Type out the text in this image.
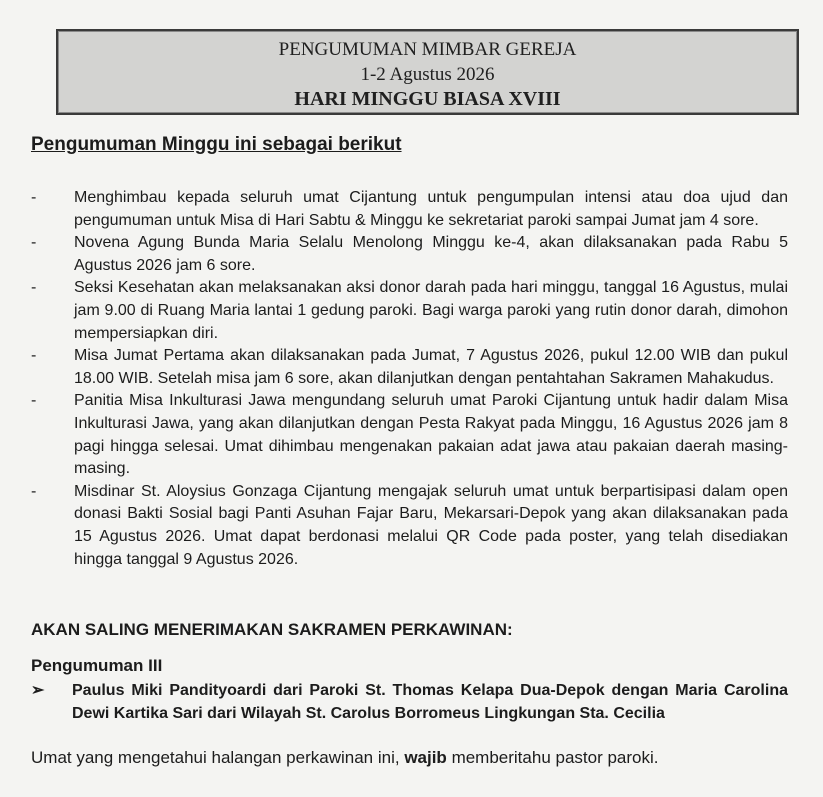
PENGUMUMAN MIMBAR GEREJA
1-2 Agustus 2026
HARI MINGGU BIASA XVIII
Pengumuman Minggu ini sebagai berikut
-	Menghimbau kepada seluruh umat Cijantung untuk pengumpulan intensi atau doa ujud dan pengumuman untuk Misa di Hari Sabtu & Minggu ke sekretariat paroki sampai Jumat jam 4 sore.
-	Novena Agung Bunda Maria Selalu Menolong Minggu ke-4, akan dilaksanakan pada Rabu 5 Agustus 2026 jam 6 sore.
-	Seksi Kesehatan akan melaksanakan aksi donor darah pada hari minggu, tanggal 16 Agustus, mulai jam 9.00 di Ruang Maria lantai 1 gedung paroki. Bagi warga paroki yang rutin donor darah, dimohon mempersiapkan diri.
-	Misa Jumat Pertama akan dilaksanakan pada Jumat, 7 Agustus 2026, pukul 12.00 WIB dan pukul 18.00 WIB. Setelah misa jam 6 sore, akan dilanjutkan dengan pentahtahan Sakramen Mahakudus.
-	Panitia Misa Inkulturasi Jawa mengundang seluruh umat Paroki Cijantung untuk hadir dalam Misa Inkulturasi Jawa, yang akan dilanjutkan dengan Pesta Rakyat pada Minggu, 16 Agustus 2026 jam 8 pagi hingga selesai. Umat dihimbau mengenakan pakaian adat jawa atau pakaian daerah masing-masing.
-	Misdinar St. Aloysius Gonzaga Cijantung mengajak seluruh umat untuk berpartisipasi dalam open donasi Bakti Sosial bagi Panti Asuhan Fajar Baru, Mekarsari-Depok yang akan dilaksanakan pada 15 Agustus 2026. Umat dapat berdonasi melalui QR Code pada poster, yang telah disediakan hingga tanggal 9 Agustus 2026.
AKAN SALING MENERIMAKAN SAKRAMEN PERKAWINAN:
Pengumuman III
➢	Paulus Miki Pandityoardi dari Paroki St. Thomas Kelapa Dua-Depok dengan Maria Carolina Dewi Kartika Sari dari Wilayah St. Carolus Borromeus Lingkungan Sta. Cecilia
Umat yang mengetahui halangan perkawinan ini, wajib memberitahu pastor paroki.
